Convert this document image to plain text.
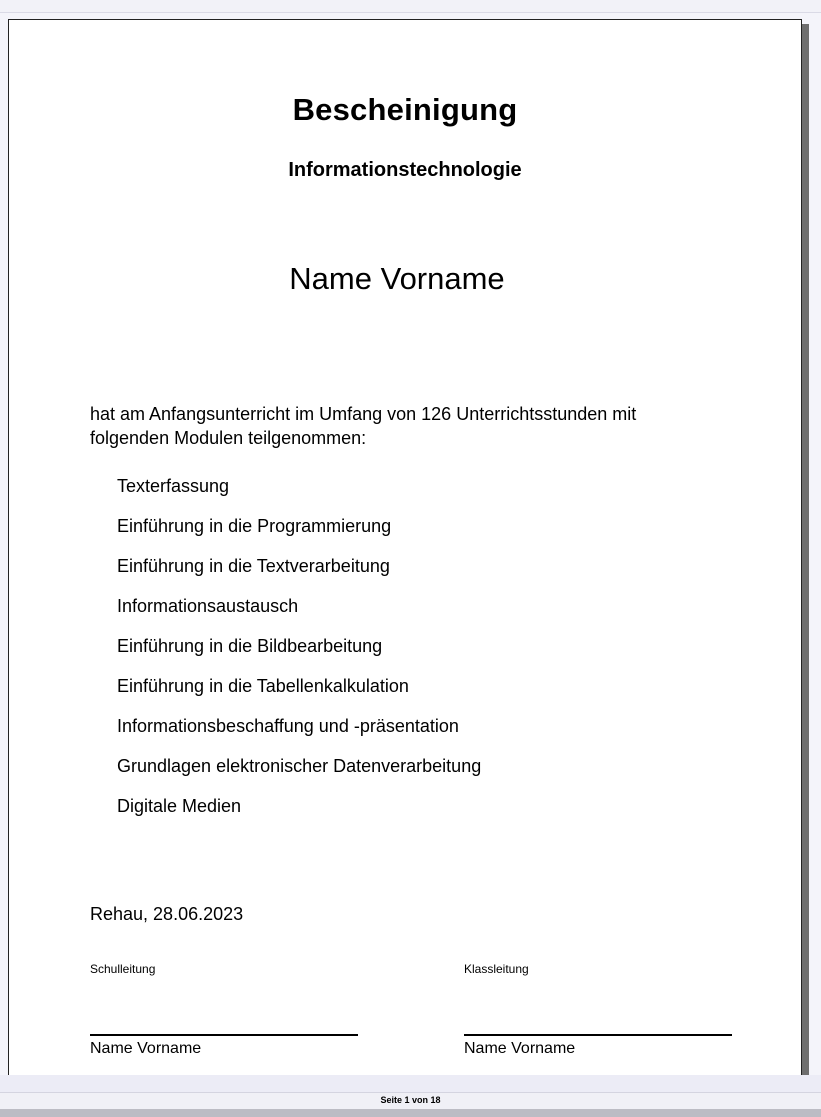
Bescheinigung
Informationstechnologie
Name Vorname
hat am Anfangsunterricht im Umfang von 126 Unterrichtsstunden mit folgenden Modulen teilgenommen:
Texterfassung
Einführung in die Programmierung
Einführung in die Textverarbeitung
Informationsaustausch
Einführung in die Bildbearbeitung
Einführung in die Tabellenkalkulation
Informationsbeschaffung und -präsentation
Grundlagen elektronischer Datenverarbeitung
Digitale Medien
Rehau, 28.06.2023
Schulleitung
Name Vorname
Klassleitung
Name Vorname
Seite 1 von 18
